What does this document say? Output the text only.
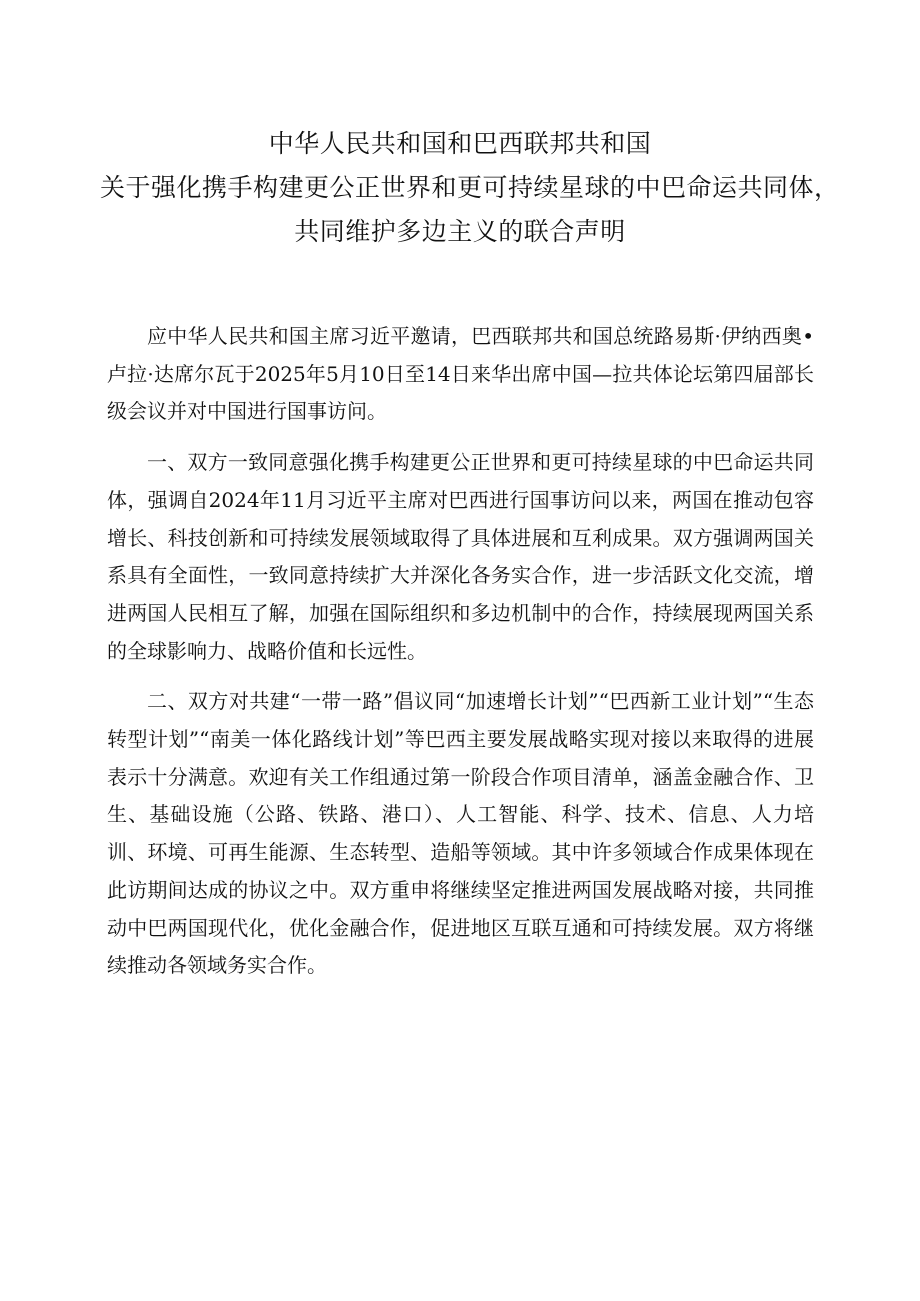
中华人民共和国和巴西联邦共和国
关于强化携手构建更公正世界和更可持续星球的中巴命运共同体，
共同维护多边主义的联合声明

应中华人民共和国主席习近平邀请，巴西联邦共和国总统路易斯·伊纳西奥•卢拉·达席尔瓦于2025年5月10日至14日来华出席中国—拉共体论坛第四届部长级会议并对中国进行国事访问。

一、双方一致同意强化携手构建更公正世界和更可持续星球的中巴命运共同体，强调自2024年11月习近平主席对巴西进行国事访问以来，两国在推动包容增长、科技创新和可持续发展领域取得了具体进展和互利成果。双方强调两国关系具有全面性，一致同意持续扩大并深化各务实合作，进一步活跃文化交流，增进两国人民相互了解，加强在国际组织和多边机制中的合作，持续展现两国关系的全球影响力、战略价值和长远性。

二、双方对共建“一带一路”倡议同“加速增长计划”“巴西新工业计划”“生态转型计划”“南美一体化路线计划”等巴西主要发展战略实现对接以来取得的进展表示十分满意。欢迎有关工作组通过第一阶段合作项目清单，涵盖金融合作、卫生、基础设施（公路、铁路、港口）、人工智能、科学、技术、信息、人力培训、环境、可再生能源、生态转型、造船等领域。其中许多领域合作成果体现在此访期间达成的协议之中。双方重申将继续坚定推进两国发展战略对接，共同推动中巴两国现代化，优化金融合作，促进地区互联互通和可持续发展。双方将继续推动各领域务实合作。
